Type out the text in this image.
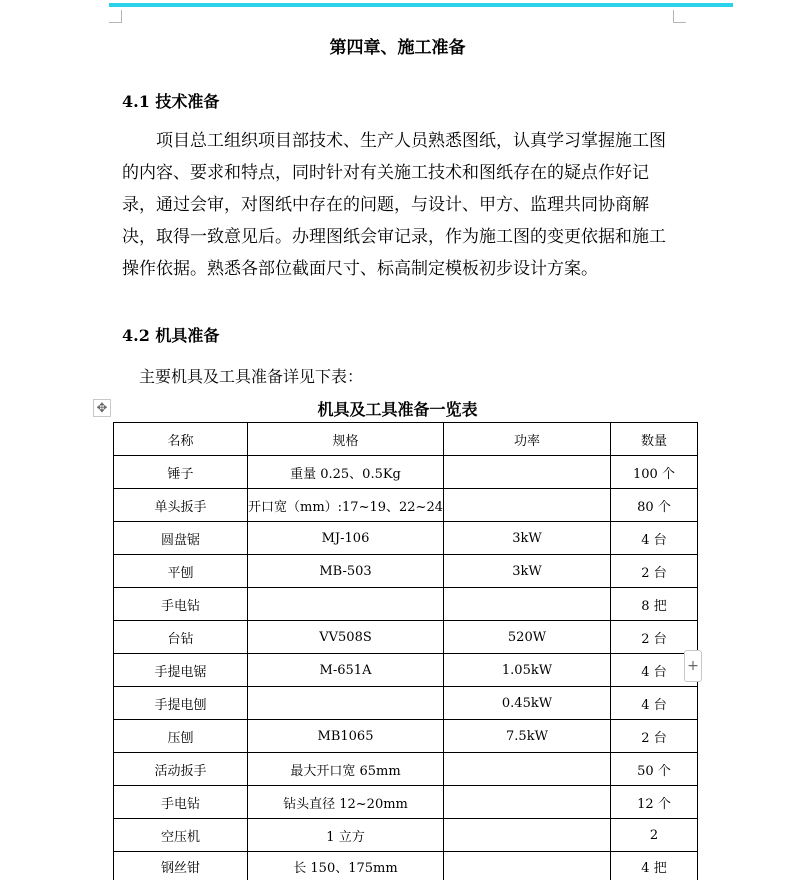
第四章、施工准备
4.1 技术准备
项目总工组织项目部技术、生产人员熟悉图纸，认真学习掌握施工图的内容、要求和特点，同时针对有关施工技术和图纸存在的疑点作好记录，通过会审，对图纸中存在的问题，与设计、甲方、监理共同协商解决，取得一致意见后。办理图纸会审记录，作为施工图的变更依据和施工操作依据。熟悉各部位截面尺寸、标高制定模板初步设计方案。
4.2 机具准备
主要机具及工具准备详见下表：
✥	机具及工具准备一览表
名称	规格	功率	数量
锤子	重量 0.25、0.5Kg		100 个
单头扳手	开口宽（mm）:17~19、22~24		80 个
圆盘锯	MJ-106	3kW	4 台
平刨	MB-503	3kW	2 台
手电钻			8 把
台钻	VV508S	520W	2 台
手提电锯	M-651A	1.05kW	4 台
手提电刨		0.45kW	4 台
压刨	MB1065	7.5kW	2 台
活动扳手	最大开口宽 65mm		50 个
手电钻	钻头直径 12~20mm		12 个
空压机	1 立方		2
钢丝钳	长 150、175mm		4 把
+
